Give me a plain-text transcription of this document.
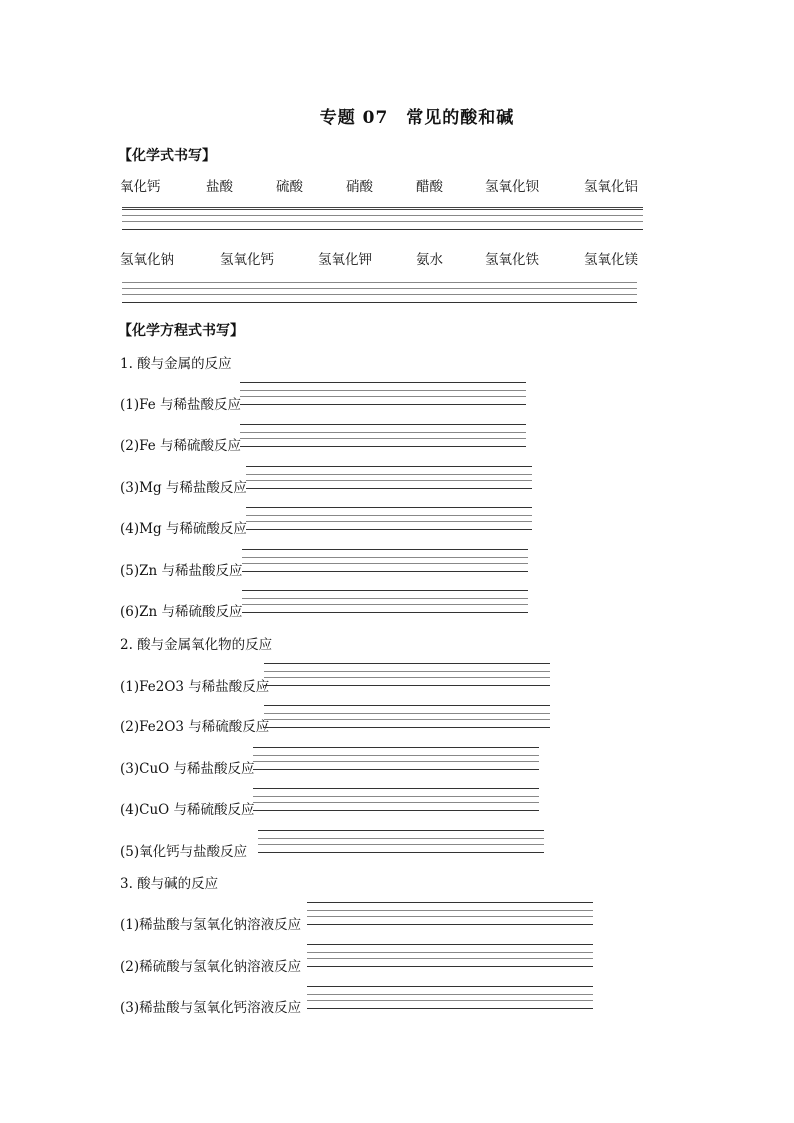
专题 07　常见的酸和碱
【化学式书写】
氧化钙	盐酸	硫酸	硝酸	醋酸	氢氧化钡	氢氧化铝
氢氧化钠	氢氧化钙	氢氧化钾	氨水	氢氧化铁	氢氧化镁
【化学方程式书写】
1. 酸与金属的反应
(1)Fe 与稀盐酸反应
(2)Fe 与稀硫酸反应
(3)Mg 与稀盐酸反应
(4)Mg 与稀硫酸反应
(5)Zn 与稀盐酸反应
(6)Zn 与稀硫酸反应
2. 酸与金属氧化物的反应
(1)Fe2O3 与稀盐酸反应
(2)Fe2O3 与稀硫酸反应
(3)CuO 与稀盐酸反应
(4)CuO 与稀硫酸反应
(5)氧化钙与盐酸反应
3. 酸与碱的反应
(1)稀盐酸与氢氧化钠溶液反应
(2)稀硫酸与氢氧化钠溶液反应
(3)稀盐酸与氢氧化钙溶液反应
